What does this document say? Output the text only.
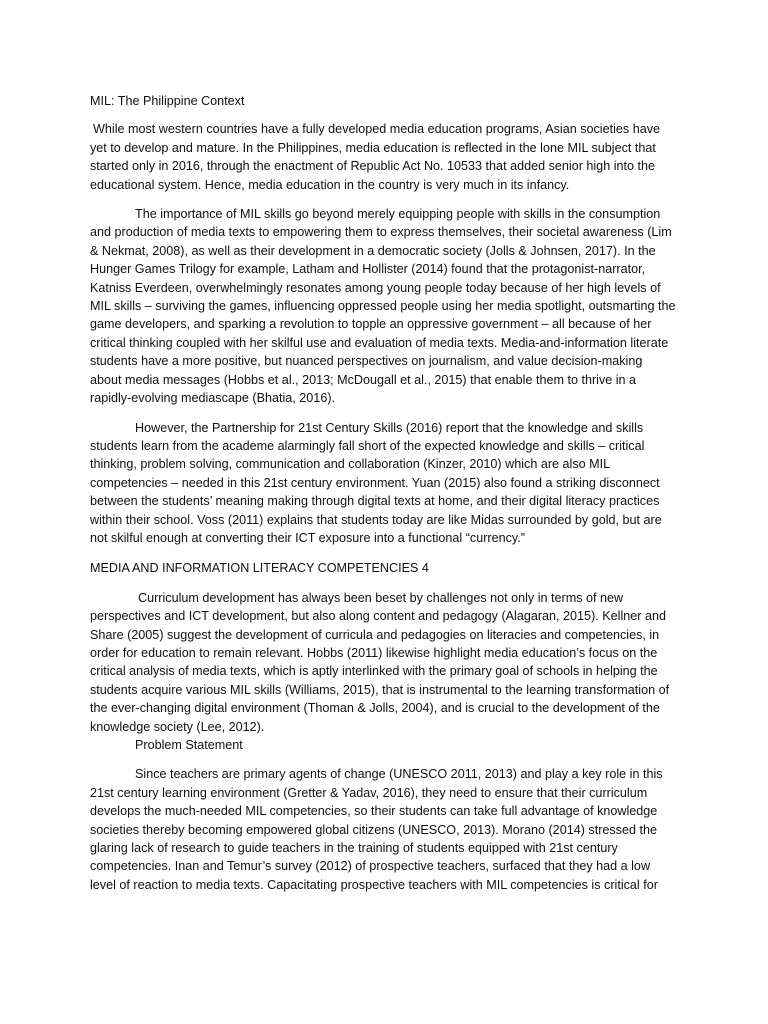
MIL: The Philippine Context

While most western countries have a fully developed media education programs, Asian societies have yet to develop and mature. In the Philippines, media education is reflected in the lone MIL subject that started only in 2016, through the enactment of Republic Act No. 10533 that added senior high into the educational system. Hence, media education in the country is very much in its infancy.

The importance of MIL skills go beyond merely equipping people with skills in the consumption and production of media texts to empowering them to express themselves, their societal awareness (Lim & Nekmat, 2008), as well as their development in a democratic society (Jolls & Johnsen, 2017). In the Hunger Games Trilogy for example, Latham and Hollister (2014) found that the protagonist-narrator, Katniss Everdeen, overwhelmingly resonates among young people today because of her high levels of MIL skills – surviving the games, influencing oppressed people using her media spotlight, outsmarting the game developers, and sparking a revolution to topple an oppressive government – all because of her critical thinking coupled with her skilful use and evaluation of media texts. Media-and-information literate students have a more positive, but nuanced perspectives on journalism, and value decision-making about media messages (Hobbs et al., 2013; McDougall et al., 2015) that enable them to thrive in a rapidly-evolving mediascape (Bhatia, 2016).

However, the Partnership for 21st Century Skills (2016) report that the knowledge and skills students learn from the academe alarmingly fall short of the expected knowledge and skills – critical thinking, problem solving, communication and collaboration (Kinzer, 2010) which are also MIL competencies – needed in this 21st century environment. Yuan (2015) also found a striking disconnect between the students’ meaning making through digital texts at home, and their digital literacy practices within their school. Voss (2011) explains that students today are like Midas surrounded by gold, but are not skilful enough at converting their ICT exposure into a functional “currency.”

MEDIA AND INFORMATION LITERACY COMPETENCIES 4

Curriculum development has always been beset by challenges not only in terms of new perspectives and ICT development, but also along content and pedagogy (Alagaran, 2015). Kellner and Share (2005) suggest the development of curricula and pedagogies on literacies and competencies, in order for education to remain relevant. Hobbs (2011) likewise highlight media education’s focus on the critical analysis of media texts, which is aptly interlinked with the primary goal of schools in helping the students acquire various MIL skills (Williams, 2015), that is instrumental to the learning transformation of the ever-changing digital environment (Thoman & Jolls, 2004), and is crucial to the development of the knowledge society (Lee, 2012).

Problem Statement

Since teachers are primary agents of change (UNESCO 2011, 2013) and play a key role in this 21st century learning environment (Gretter & Yadav, 2016), they need to ensure that their curriculum develops the much-needed MIL competencies, so their students can take full advantage of knowledge societies thereby becoming empowered global citizens (UNESCO, 2013). Morano (2014) stressed the glaring lack of research to guide teachers in the training of students equipped with 21st century competencies. Inan and Temur’s survey (2012) of prospective teachers, surfaced that they had a low level of reaction to media texts. Capacitating prospective teachers with MIL competencies is critical for
